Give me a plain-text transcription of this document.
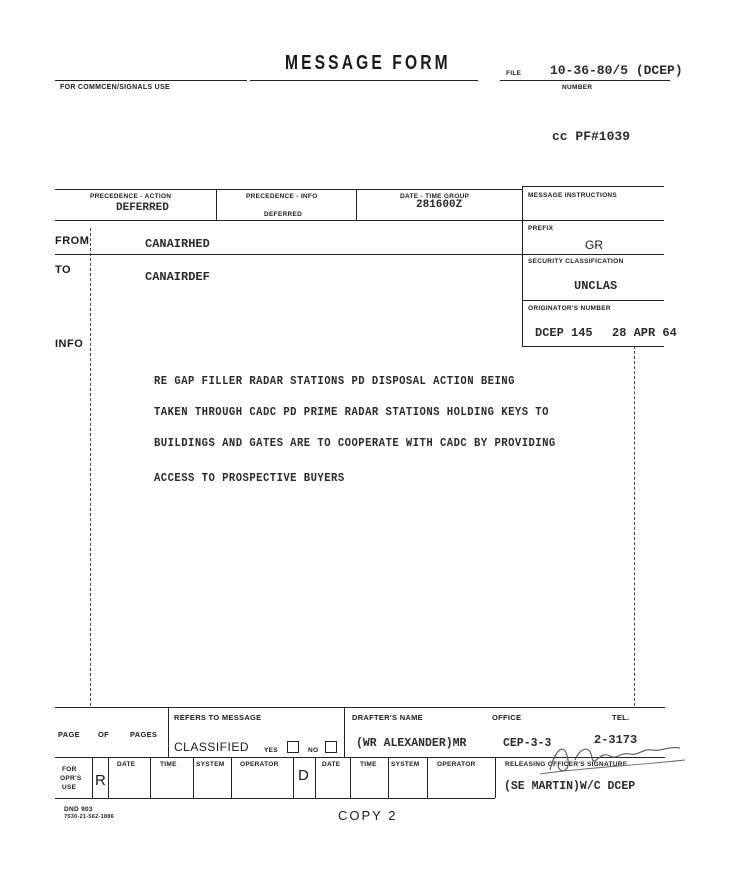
MESSAGE FORM
FOR COMMCEN/SIGNALS USE
FILE 10-36-80/5 (DCEP)
NUMBER
cc PF#1039
PRECEDENCE - ACTION
DEFERRED
PRECEDENCE - INFO
DEFERRED
DATE - TIME GROUP
281600Z
MESSAGE INSTRUCTIONS
PREFIX
GR
SECURITY CLASSIFICATION
UNCLAS
ORIGINATOR'S NUMBER
DCEP 145 28 APR 64
FROM	CANAIRHED
TO	CANAIRDEF
INFO
RE GAP FILLER RADAR STATIONS PD DISPOSAL ACTION BEING
TAKEN THROUGH CADC PD PRIME RADAR STATIONS HOLDING KEYS TO
BUILDINGS AND GATES ARE TO COOPERATE WITH CADC BY PROVIDING
ACCESS TO PROSPECTIVE BUYERS
PAGE OF	PAGES
REFERS TO MESSAGE
CLASSIFIED YES	NO
DRAFTER'S NAME
(WR ALEXANDER)MR
OFFICE
CEP-3-3
TEL.
2-3173
FOR
OPR'S
USE R
DATE	TIME	SYSTEM OPERATOR
D
DATE	TIME SYSTEM	OPERATOR	RELEASING OFFICER'S SIGNATURE
(SE MARTIN)W/C DCEP
DND 903
7530-21-562-1886	COPY 2
